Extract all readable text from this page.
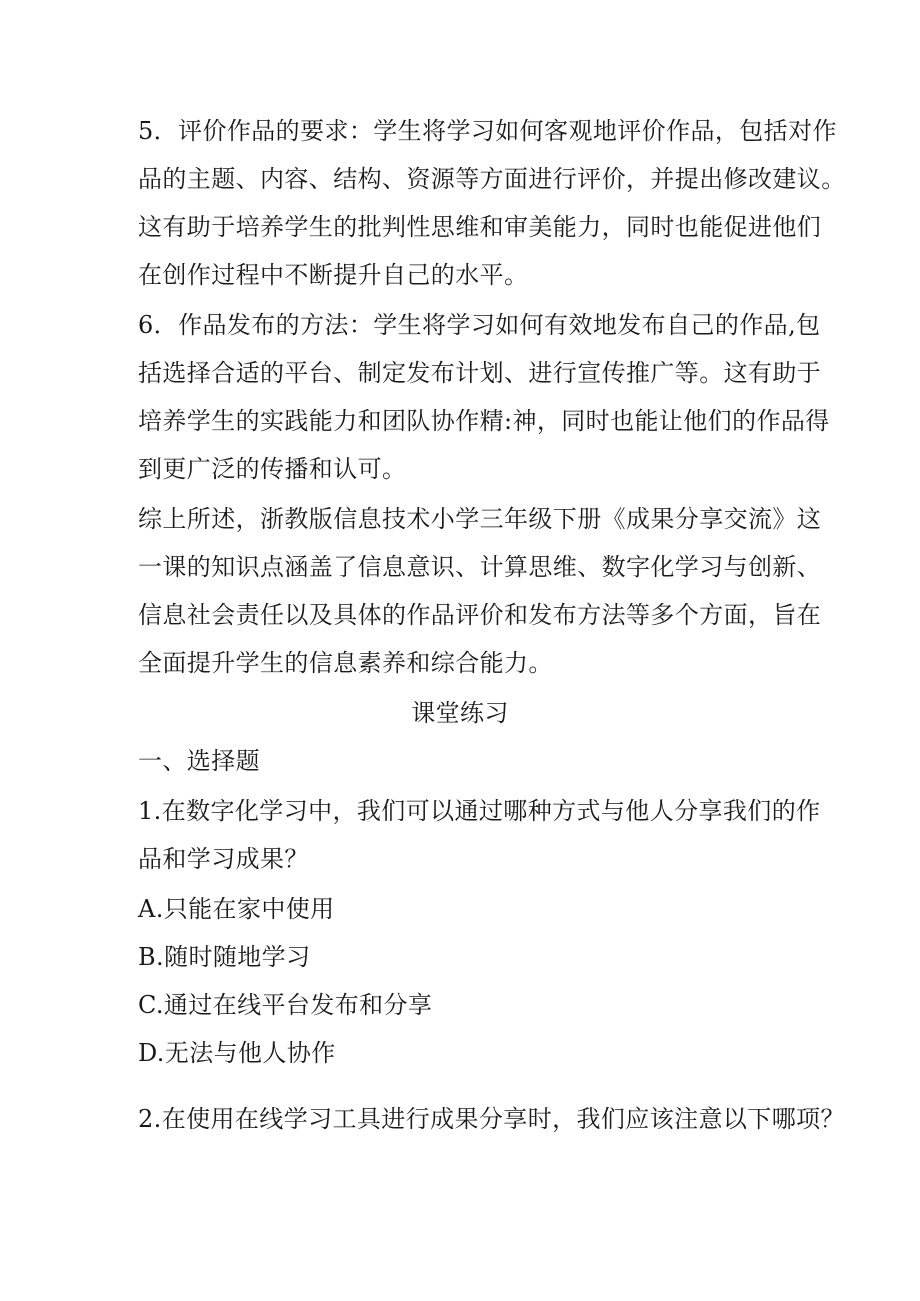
5．评价作品的要求：学生将学习如何客观地评价作品，包括对作
品的主题、内容、结构、资源等方面进行评价，并提出修改建议。
这有助于培养学生的批判性思维和审美能力，同时也能促进他们
在创作过程中不断提升自己的水平。
6．作品发布的方法：学生将学习如何有效地发布自己的作品,包
括选择合适的平台、制定发布计划、进行宣传推广等。这有助于
培养学生的实践能力和团队协作精:神，同时也能让他们的作品得
到更广泛的传播和认可。
综上所述，浙教版信息技术小学三年级下册《成果分享交流》这
一课的知识点涵盖了信息意识、计算思维、数字化学习与创新、
信息社会责任以及具体的作品评价和发布方法等多个方面，旨在
全面提升学生的信息素养和综合能力。
课堂练习
一、选择题
1.在数字化学习中，我们可以通过哪种方式与他人分享我们的作
品和学习成果？
A.只能在家中使用
B.随时随地学习
C.通过在线平台发布和分享
D.无法与他人协作
2.在使用在线学习工具进行成果分享时，我们应该注意以下哪项？
